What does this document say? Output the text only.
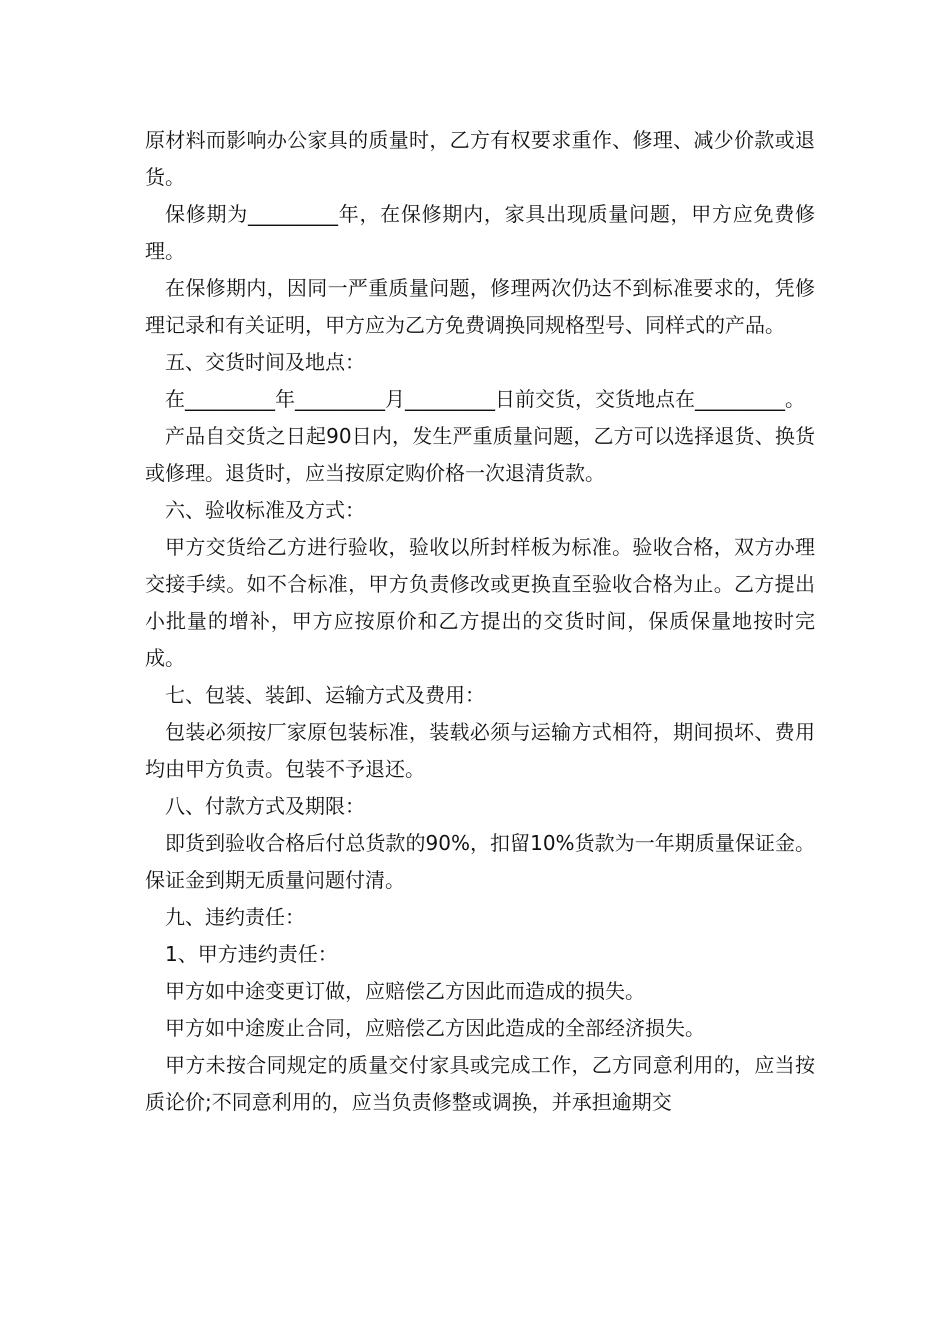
原材料而影响办公家具的质量时，乙方有权要求重作、修理、减少价款或退货。

保修期为_________年，在保修期内，家具出现质量问题，甲方应免费修理。

在保修期内，因同一严重质量问题，修理两次仍达不到标准要求的，凭修理记录和有关证明，甲方应为乙方免费调换同规格型号、同样式的产品。

五、交货时间及地点：

在_________年_________月_________日前交货，交货地点在_________。

产品自交货之日起90日内，发生严重质量问题，乙方可以选择退货、换货或修理。退货时，应当按原定购价格一次退清货款。

六、验收标准及方式：

甲方交货给乙方进行验收，验收以所封样板为标准。验收合格，双方办理交接手续。如不合标准，甲方负责修改或更换直至验收合格为止。乙方提出小批量的增补，甲方应按原价和乙方提出的交货时间，保质保量地按时完成。

七、包装、装卸、运输方式及费用：

包装必须按厂家原包装标准，装载必须与运输方式相符，期间损坏、费用均由甲方负责。包装不予退还。

八、付款方式及期限：

即货到验收合格后付总货款的90%，扣留10%货款为一年期质量保证金。保证金到期无质量问题付清。

九、违约责任：

1、甲方违约责任：

甲方如中途变更订做，应赔偿乙方因此而造成的损失。

甲方如中途废止合同，应赔偿乙方因此造成的全部经济损失。

甲方未按合同规定的质量交付家具或完成工作，乙方同意利用的，应当按质论价;不同意利用的，应当负责修整或调换，并承担逾期交
